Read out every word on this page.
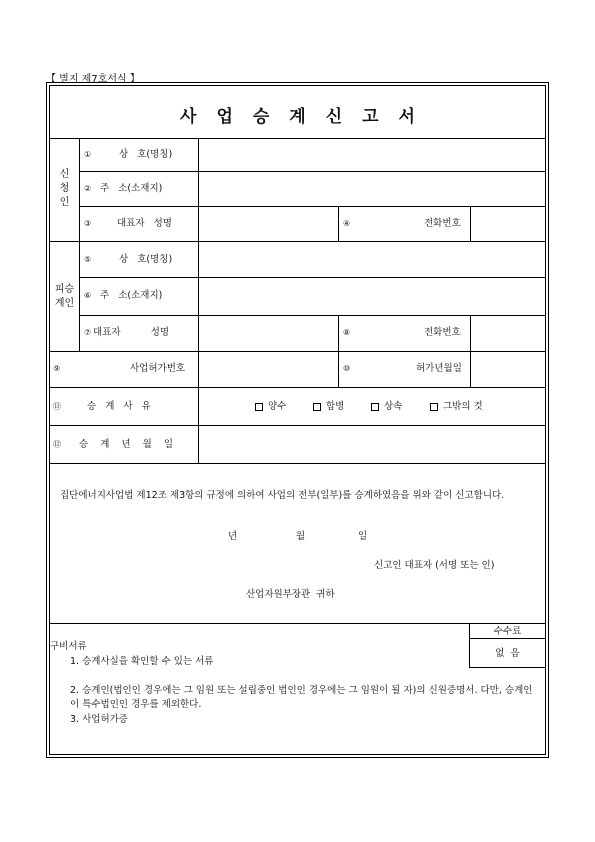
【 별지 제7호서식 】
사업승계신고서
신
청
인
①	상   호(명칭)
② 주   소(소재지)
③	대표자   성명	④	전화번호
피승
계인
⑤	상   호(명칭)
⑥ 주   소(소재지)
⑦ 대표자          성명	⑧	전화번호
⑨	사업허가번호	⑩	허가년월일
⑪	승  계  사  유	양수	합병	상속	그밖의 것
⑫ 승  계  년  월  일
집단에너지사업법 제12조 제3항의 규정에 의하여 사업의 전부(일부)를 승계하였음을 위와 같이 신고합니다.
년	월	일
신고인 대표자 (서명 또는 인)
산업자원부장관  귀하
구비서류
1. 승계사실을 확인할 수 있는 서류
2. 승계인(법인인 경우에는 그 임원 또는 설립중인 법인인 경우에는 그 임원이 될 자)의 신원증명서. 다만, 승계인이 특수법인인 경우를 제외한다.
3. 사업허가증
수수료
없  음
